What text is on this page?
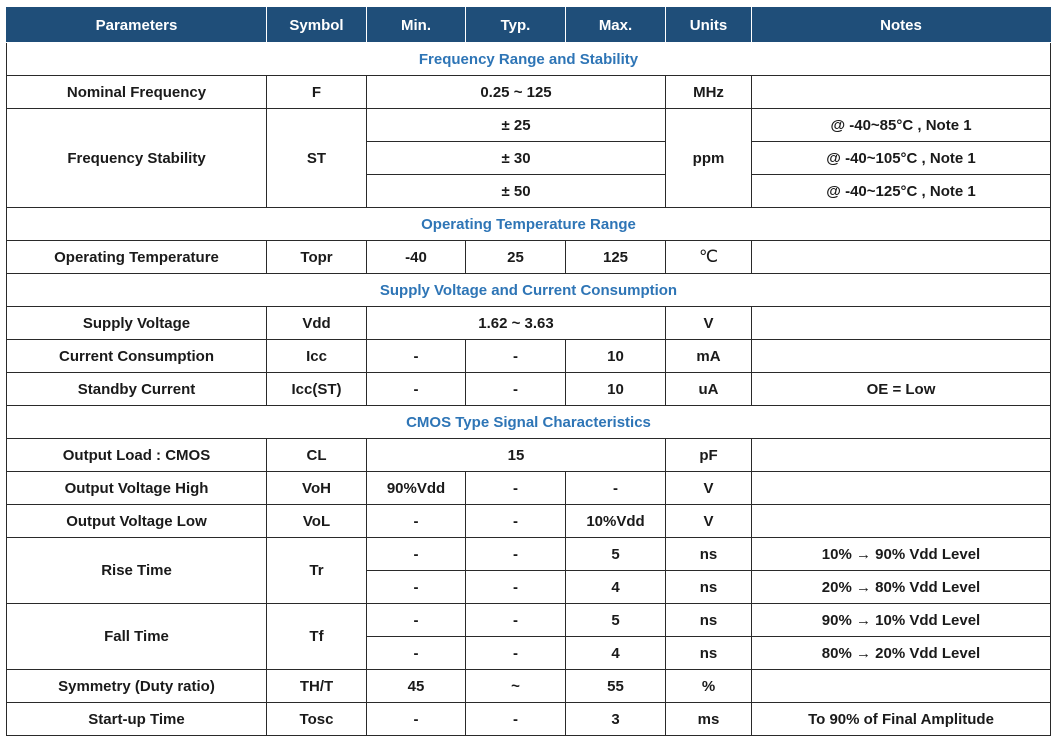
Parameters	Symbol	Min.	Typ.	Max.	Units	Notes
Frequency Range and Stability						
Nominal Frequency	F	0.25 ~ 125			MHz	
Frequency Stability	ST	± 25			ppm	@ -40~85°C , Note 1
		± 30				@ -40~105°C , Note 1
		± 50				@ -40~125°C , Note 1
Operating Temperature Range						
Operating Temperature	Topr	-40	25	125	℃	
Supply Voltage and Current Consumption						
Supply Voltage	Vdd	1.62 ~ 3.63			V	
Current Consumption	Icc	-	-	10	mA	
Standby Current	Icc(ST)	-	-	10	uA	OE = Low
CMOS Type Signal Characteristics						
Output Load : CMOS	CL	15			pF	
Output Voltage High	VoH	90%Vdd	-	-	V	
Output Voltage Low	VoL	-	-	10%Vdd	V	
Rise Time	Tr	-	-	5	ns	10% → 90% Vdd Level
		-	-	4	ns	20% → 80% Vdd Level
Fall Time	Tf	-	-	5	ns	90% → 10% Vdd Level
		-	-	4	ns	80% → 20% Vdd Level
Symmetry (Duty ratio)	TH/T	45	~	55	%	
Start-up Time	Tosc	-	-	3	ms	To 90% of Final Amplitude
